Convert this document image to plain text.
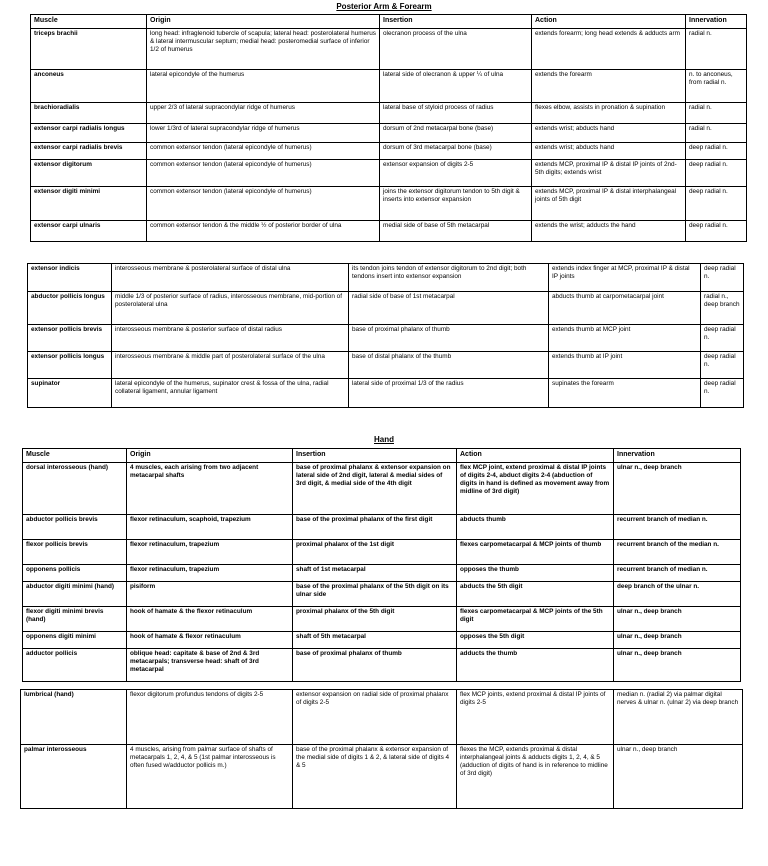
Posterior Arm & Forearm
Muscle	Origin	Insertion	Action	Innervation
triceps brachii	long head: infraglenoid tubercle of scapula; lateral head: posterolateral humerus & lateral intermuscular septum; medial head: posteromedial surface of inferior 1/2 of humerus	olecranon process of the ulna	extends forearm; long head extends & adducts arm	radial n.
anconeus	lateral epicondyle of the humerus	lateral side of olecranon & upper ¼ of ulna	extends the forearm	n. to anconeus, from radial n.
brachioradialis	upper 2/3 of lateral supracondylar ridge of humerus	lateral base of styloid process of radius	flexes elbow, assists in pronation & supination	radial n.
extensor carpi radialis longus	lower 1/3rd of lateral supracondylar ridge of humerus	dorsum of 2nd metacarpal bone (base)	extends wrist; abducts hand	radial n.
extensor carpi radialis brevis	common extensor tendon (lateral epicondyle of humerus)	dorsum of 3rd metacarpal bone (base)	extends wrist; abducts hand	deep radial n.
extensor digitorum	common extensor tendon (lateral epicondyle of humerus)	extensor expansion of digits 2-5	extends MCP, proximal IP & distal IP joints of 2nd-5th digits; extends wrist	deep radial n.
extensor digiti minimi	common extensor tendon (lateral epicondyle of humerus)	joins the extensor digitorum tendon to 5th digit & inserts into extensor expansion	extends MCP, proximal IP & distal interphalangeal joints of 5th digit	deep radial n.
extensor carpi ulnaris	common extensor tendon & the middle ½ of posterior border of ulna	medial side of base of 5th metacarpal	extends the wrist; adducts the hand	deep radial n.
extensor indicis	interosseous membrane & posterolateral surface of distal ulna	its tendon joins tendon of extensor digitorum to 2nd digit; both tendons insert into extensor expansion	extends index finger at MCP, proximal IP & distal IP joints	deep radial n.
abductor pollicis longus	middle 1/3 of posterior surface of radius, interosseous membrane, mid-portion of posterolateral ulna	radial side of base of 1st metacarpal	abducts thumb at carpometacarpal joint	radial n., deep branch
extensor pollicis brevis	interosseous membrane & posterior surface of distal radius	base of proximal phalanx of thumb	extends thumb at MCP joint	deep radial n.
extensor pollicis longus	interosseous membrane & middle part of posterolateral surface of the ulna	base of distal phalanx of the thumb	extends thumb at IP joint	deep radial n.
supinator	lateral epicondyle of the humerus, supinator crest & fossa of the ulna, radial collateral ligament, annular ligament	lateral side of proximal 1/3 of the radius	supinates the forearm	deep radial n.
Hand
Muscle	Origin	Insertion	Action	Innervation
dorsal interosseous (hand)	4 muscles, each arising from two adjacent metacarpal shafts	base of proximal phalanx & extensor expansion on lateral side of 2nd digit, lateral & medial sides of 3rd digit, & medial side of the 4th digit	flex MCP joint, extend proximal & distal IP joints of digits 2-4, abduct digits 2-4 (abduction of digits in hand is defined as movement away from midline of 3rd digit)	ulnar n., deep branch
abductor pollicis brevis	flexor retinaculum, scaphoid, trapezium	base of the proximal phalanx of the first digit	abducts thumb	recurrent branch of median n.
flexor pollicis brevis	flexor retinaculum, trapezium	proximal phalanx of the 1st digit	flexes carpometacarpal & MCP joints of thumb	recurrent branch of the median n.
opponens pollicis	flexor retinaculum, trapezium	shaft of 1st metacarpal	opposes the thumb	recurrent branch of median n.
abductor digiti minimi (hand)	pisiform	base of the proximal phalanx of the 5th digit on its ulnar side	abducts the 5th digit	deep branch of the ulnar n.
flexor digiti minimi brevis (hand)	hook of hamate & the flexor retinaculum	proximal phalanx of the 5th digit	flexes carpometacarpal & MCP joints of the 5th digit	ulnar n., deep branch
opponens digiti minimi	hook of hamate & flexor retinaculum	shaft of 5th metacarpal	opposes the 5th digit	ulnar n., deep branch
adductor pollicis	oblique head: capitate & base of 2nd & 3rd metacarpals; transverse head: shaft of 3rd metacarpal	base of proximal phalanx of thumb	adducts the thumb	ulnar n., deep branch
lumbrical (hand)	flexor digitorum profundus tendons of digits 2-5	extensor expansion on radial side of proximal phalanx of digits 2-5	flex MCP joints, extend proximal & distal IP joints of digits 2-5	median n. (radial 2) via palmar digital nerves & ulnar n. (ulnar 2) via deep branch
palmar interosseous	4 muscles, arising from palmar surface of shafts of metacarpals 1, 2, 4, & 5 (1st palmar interosseous is often fused w/adductor pollicis m.)	base of the proximal phalanx & extensor expansion of the medial side of digits 1 & 2, & lateral side of digits 4 & 5	flexes the MCP, extends proximal & distal interphalangeal joints & adducts digits 1, 2, 4, & 5 (adduction of digits of hand is in reference to midline of 3rd digit)	ulnar n., deep branch
